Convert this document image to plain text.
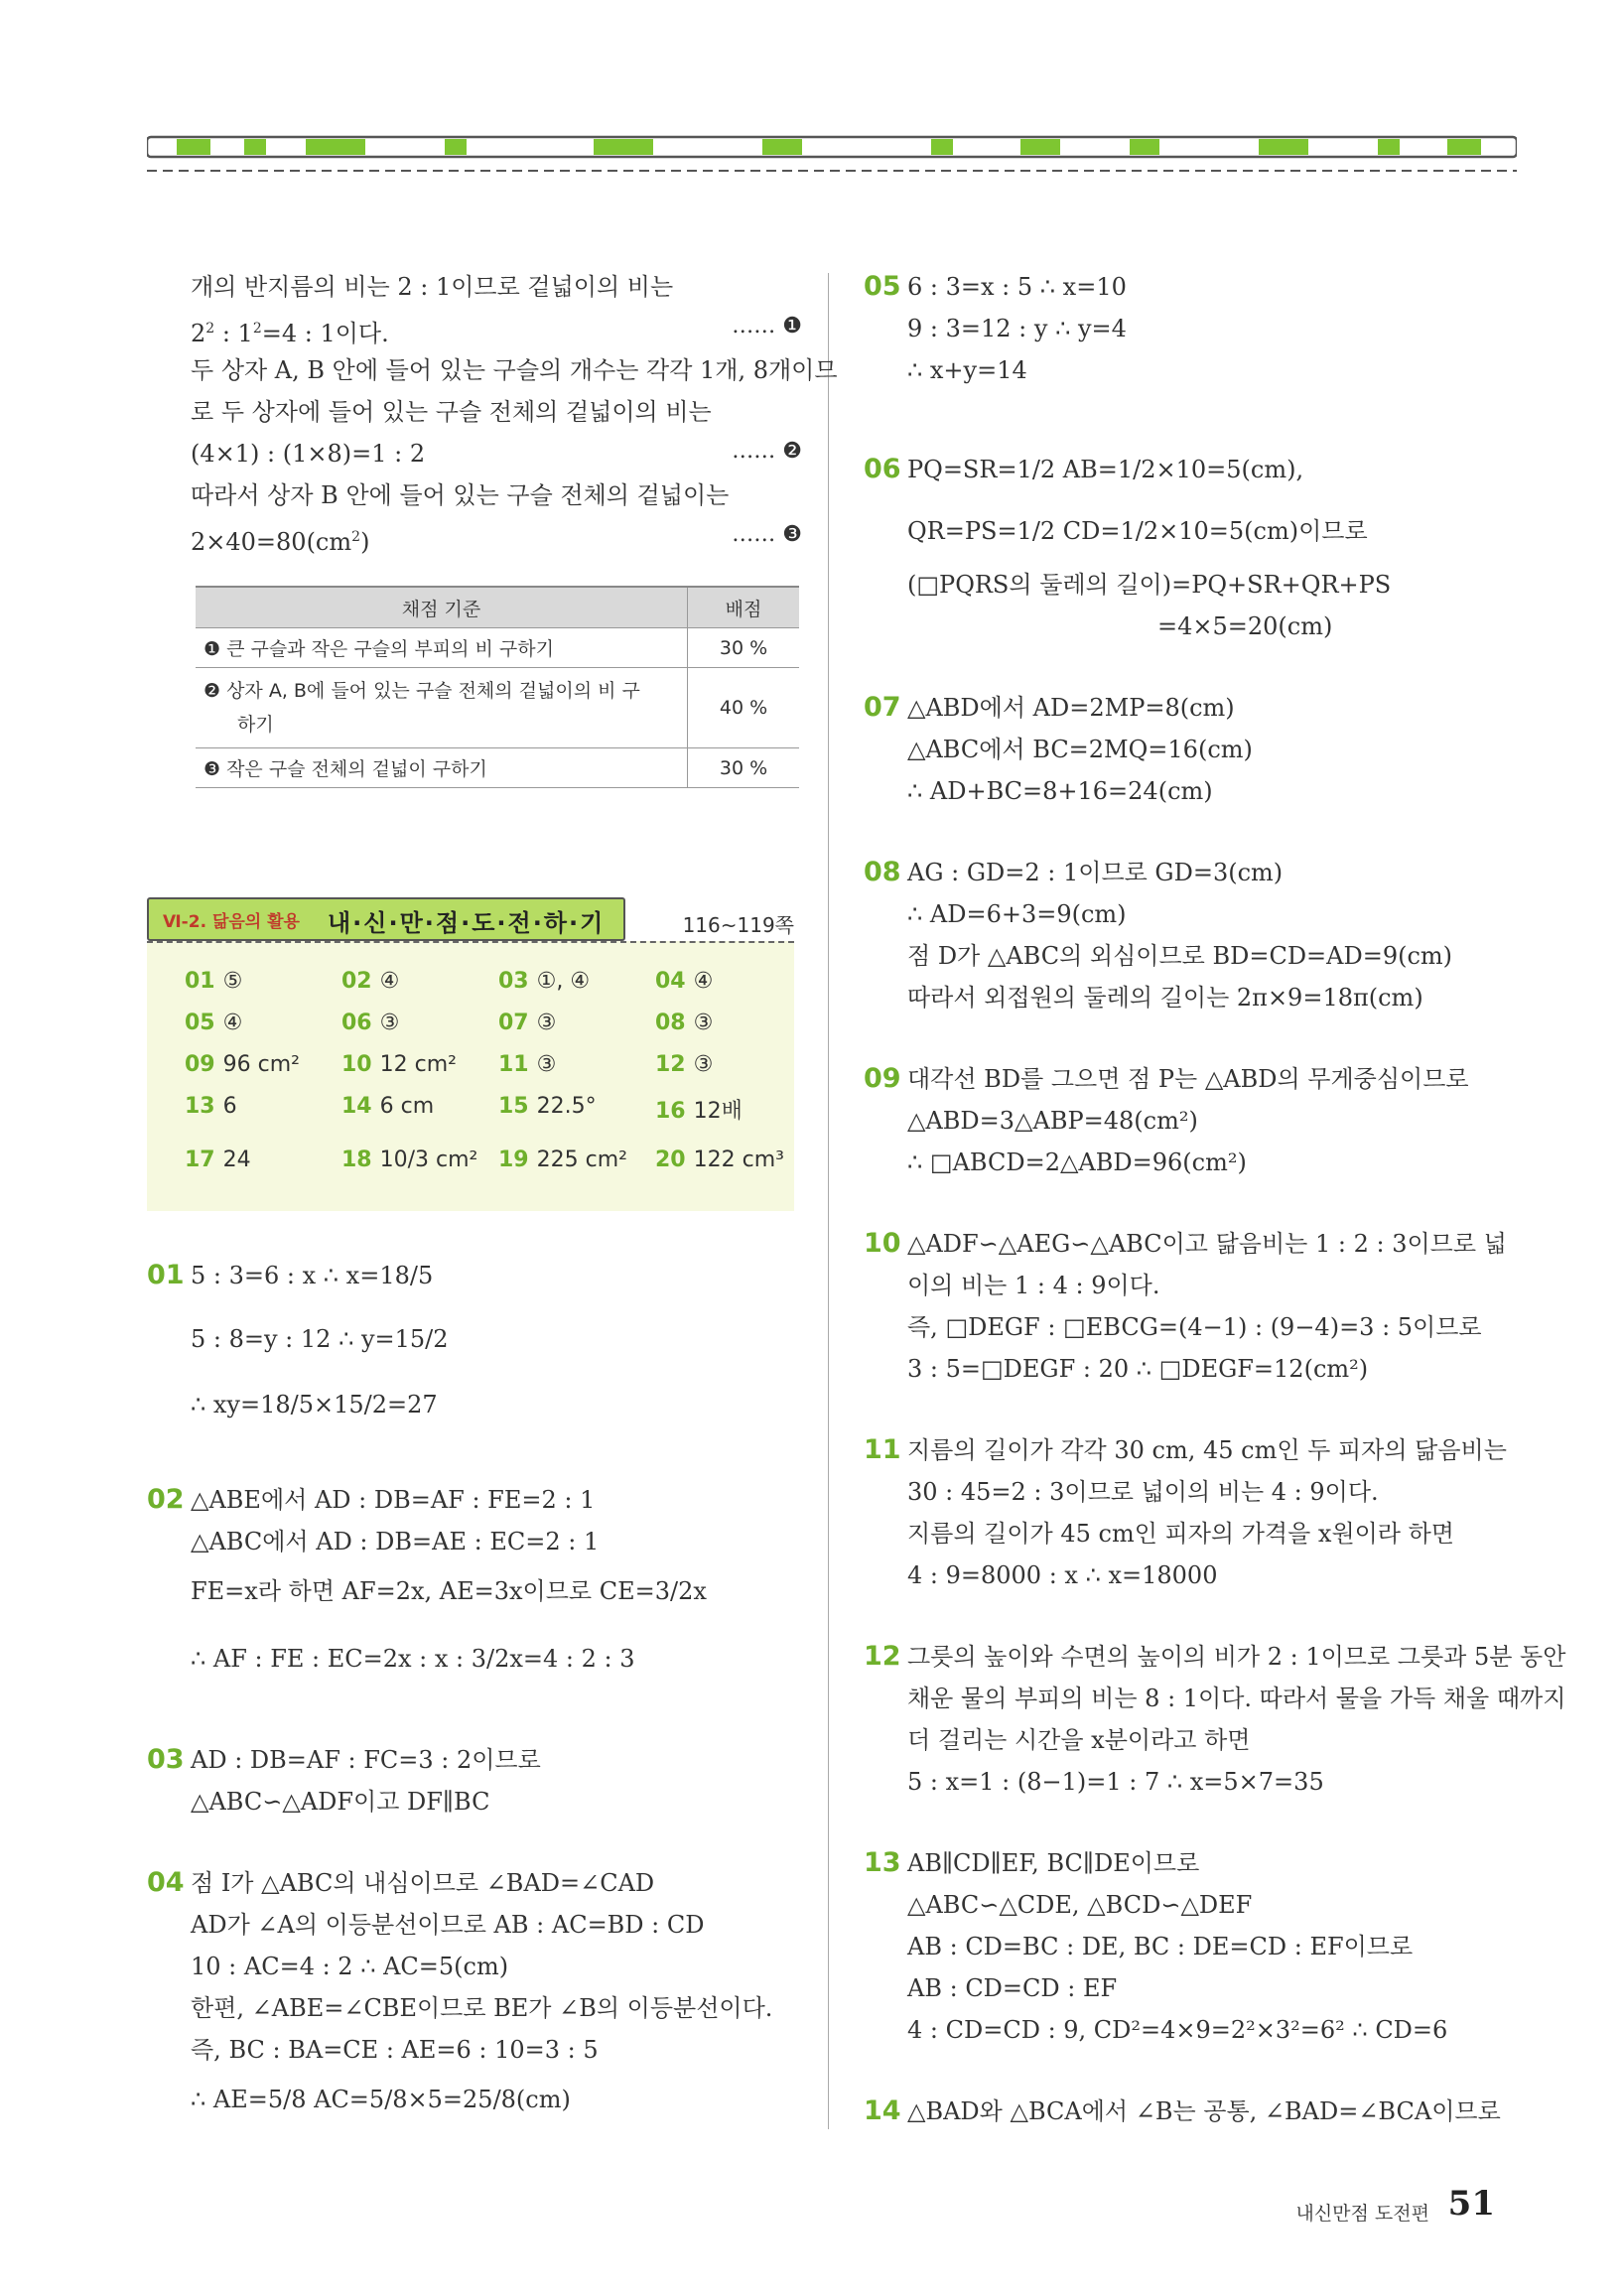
개의 반지름의 비는 2 : 1이므로 겉넓이의 비는
$2^2$ : $1^2=4$ : 1이다.	…… ❶
두 상자 A, B 안에 들어 있는 구슬의 개수는 각각 1개, 8개이므
로 두 상자에 들어 있는 구슬 전체의 겉넓이의 비는
(4×1) : (1×8)=1 : 2	…… ❷
따라서 상자 B 안에 들어 있는 구슬 전체의 겉넓이는
$2\times 40=80(cm^2)$	…… ❸
채점 기준	배점
❶ 큰 구슬과 작은 구슬의 부피의 비 구하기	30 %
❷ 상자 A, B에 들어 있는 구슬 전체의 겉넓이의 비 구
하기	40 %
❸ 작은 구슬 전체의 겉넓이 구하기	30 %
Ⅵ-2. 닮음의 활용 내·신·만·점·도·전·하·기	116~119쪽
01 ⑤	02 ④	03 ①, ④	04 ④
05 ④	06 ③	07 ③	08 ③
09 96 cm² 10 12 cm² 11 ③	12 ③
13 6	14 6 cm	15 22.5°	16 12배
17 24	18 10/3 cm² 19 225 cm² 20 122 cm³
01 5 : 3=6 : x ∴ x=18/5
5 : 8=y : 12 ∴ y=15/2
∴ xy=18/5×15/2=27
02 △ABE에서 AD : DB=AF : FE=2 : 1
△ABC에서 AD : DB=AE : EC=2 : 1
FE=x라 하면 AF=2x, AE=3x이므로 CE=3/2x
∴ AF : FE : EC=2x : x : 3/2x=4 : 2 : 3
03 AD : DB=AF : FC=3 : 2이므로
△ABC∽△ADF이고 DF∥BC
04 점 I가 △ABC의 내심이므로 ∠BAD=∠CAD
AD가 ∠A의 이등분선이므로 AB : AC=BD : CD
10 : AC=4 : 2 ∴ AC=5(cm)
한편, ∠ABE=∠CBE이므로 BE가 ∠B의 이등분선이다.
즉, BC : BA=CE : AE=6 : 10=3 : 5
∴ AE=5/8 AC=5/8×5=25/8(cm)
05 6 : 3=x : 5 ∴ x=10
9 : 3=12 : y ∴ y=4
∴ x+y=14
06 PQ=SR=1/2 AB=1/2×10=5(cm),
QR=PS=1/2 CD=1/2×10=5(cm)이므로
(□PQRS의 둘레의 길이)=PQ+SR+QR+PS
=4×5=20(cm)
07 △ABD에서 AD=2MP=8(cm)
△ABC에서 BC=2MQ=16(cm)
∴ AD+BC=8+16=24(cm)
08 AG : GD=2 : 1이므로 GD=3(cm)
∴ AD=6+3=9(cm)
점 D가 △ABC의 외심이므로 BD=CD=AD=9(cm)
따라서 외접원의 둘레의 길이는 2π×9=18π(cm)
09 대각선 BD를 그으면 점 P는 △ABD의 무게중심이므로
△ABD=3△ABP=48(cm²)
∴ □ABCD=2△ABD=96(cm²)
10 △ADF∽△AEG∽△ABC이고 닮음비는 1 : 2 : 3이므로 넓
이의 비는 1 : 4 : 9이다.
즉, □DEGF : □EBCG=(4−1) : (9−4)=3 : 5이므로
3 : 5=□DEGF : 20 ∴ □DEGF=12(cm²)
11 지름의 길이가 각각 30 cm, 45 cm인 두 피자의 닮음비는
30 : 45=2 : 3이므로 넓이의 비는 4 : 9이다.
지름의 길이가 45 cm인 피자의 가격을 x원이라 하면
4 : 9=8000 : x ∴ x=18000
12 그릇의 높이와 수면의 높이의 비가 2 : 1이므로 그릇과 5분 동안
채운 물의 부피의 비는 8 : 1이다. 따라서 물을 가득 채울 때까지
더 걸리는 시간을 x분이라고 하면
5 : x=1 : (8−1)=1 : 7 ∴ x=5×7=35
13 AB∥CD∥EF, BC∥DE이므로
△ABC∽△CDE, △BCD∽△DEF
AB : CD=BC : DE, BC : DE=CD : EF이므로
AB : CD=CD : EF
4 : CD=CD : 9, CD²=4×9=2²×3²=6² ∴ CD=6
14 △BAD와 △BCA에서 ∠B는 공통, ∠BAD=∠BCA이므로
내신만점 도전편 51
